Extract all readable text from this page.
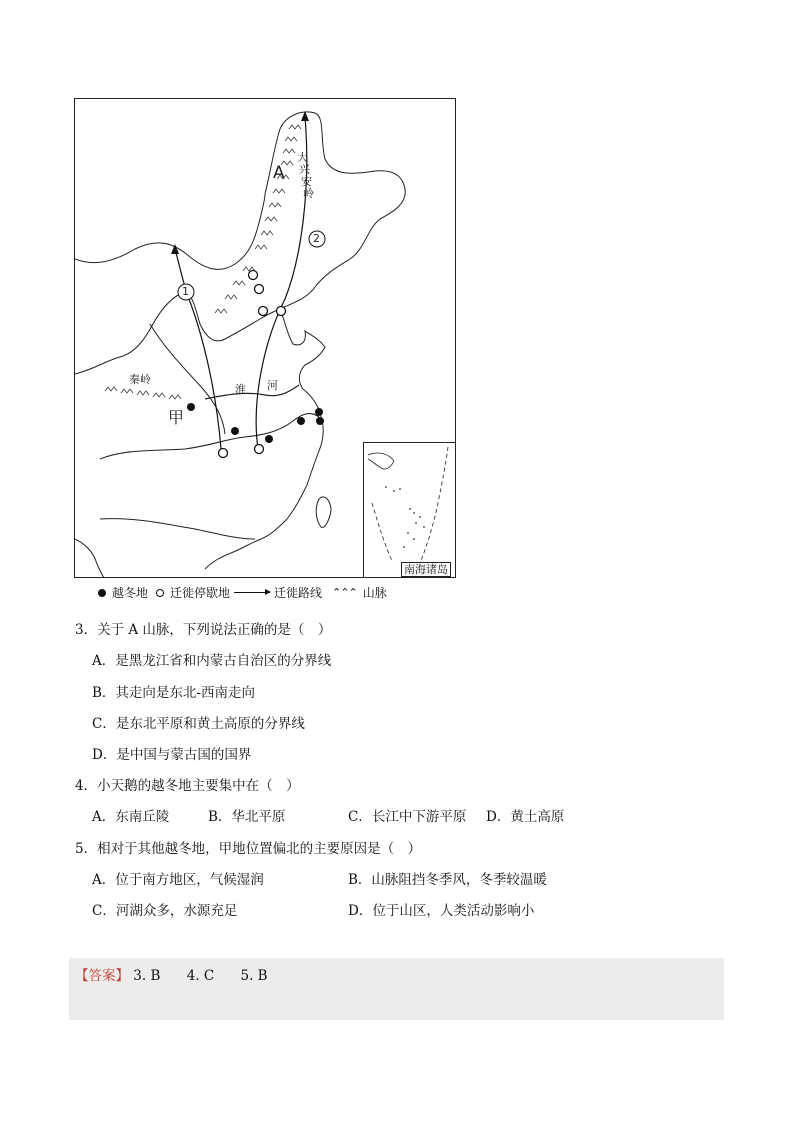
A
大
兴
安
岭
1
2
秦岭
甲
淮 河
南海诸岛
越冬地 迁徙停歇地	迁徙路线 ⌃⌃⌃ 山脉
3．关于 A 山脉，下列说法正确的是（　）
A．是黑龙江省和内蒙古自治区的分界线
B．其走向是东北-西南走向
C．是东北平原和黄土高原的分界线
D．是中国与蒙古国的国界
4．小天鹅的越冬地主要集中在（　）
A．东南丘陵	B．华北平原	C．长江中下游平原 D．黄土高原
5．相对于其他越冬地，甲地位置偏北的主要原因是（　）
A．位于南方地区，气候湿润	B．山脉阻挡冬季风，冬季较温暖
C．河湖众多，水源充足	D．位于山区，人类活动影响小
【答案】 3. B 4. C 5. B
